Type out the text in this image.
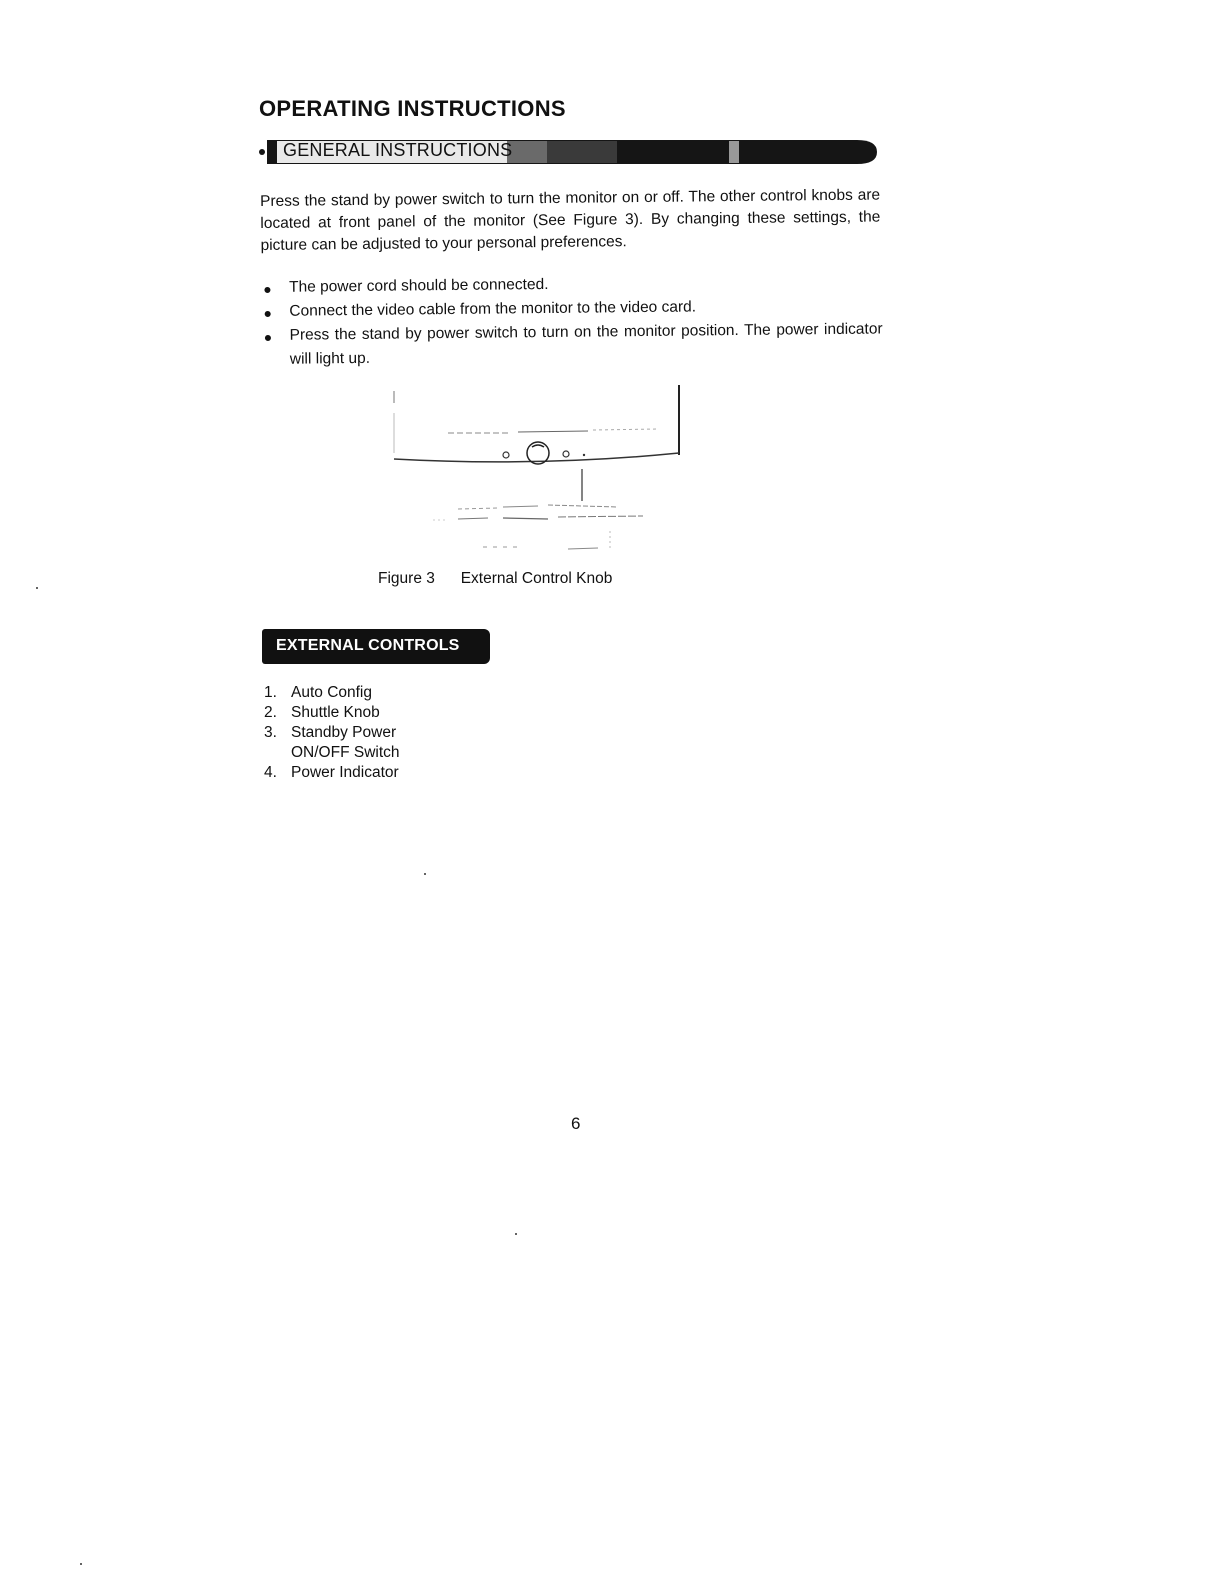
OPERATING INSTRUCTIONS
GENERAL INSTRUCTIONS
Press the stand by power switch to turn the monitor on or off. The other control knobs are located at front panel of the monitor (See Figure 3). By changing these settings, the picture can be adjusted to your personal preferences.
● The power cord should be connected.
● Connect the video cable from the monitor to the video card.
● Press the stand by power switch to turn on the monitor position. The power indicator will light up.
Figure 3 External Control Knob
EXTERNAL CONTROLS
1. Auto Config
2. Shuttle Knob
3. Standby Power
ON/OFF Switch
4. Power Indicator
6
